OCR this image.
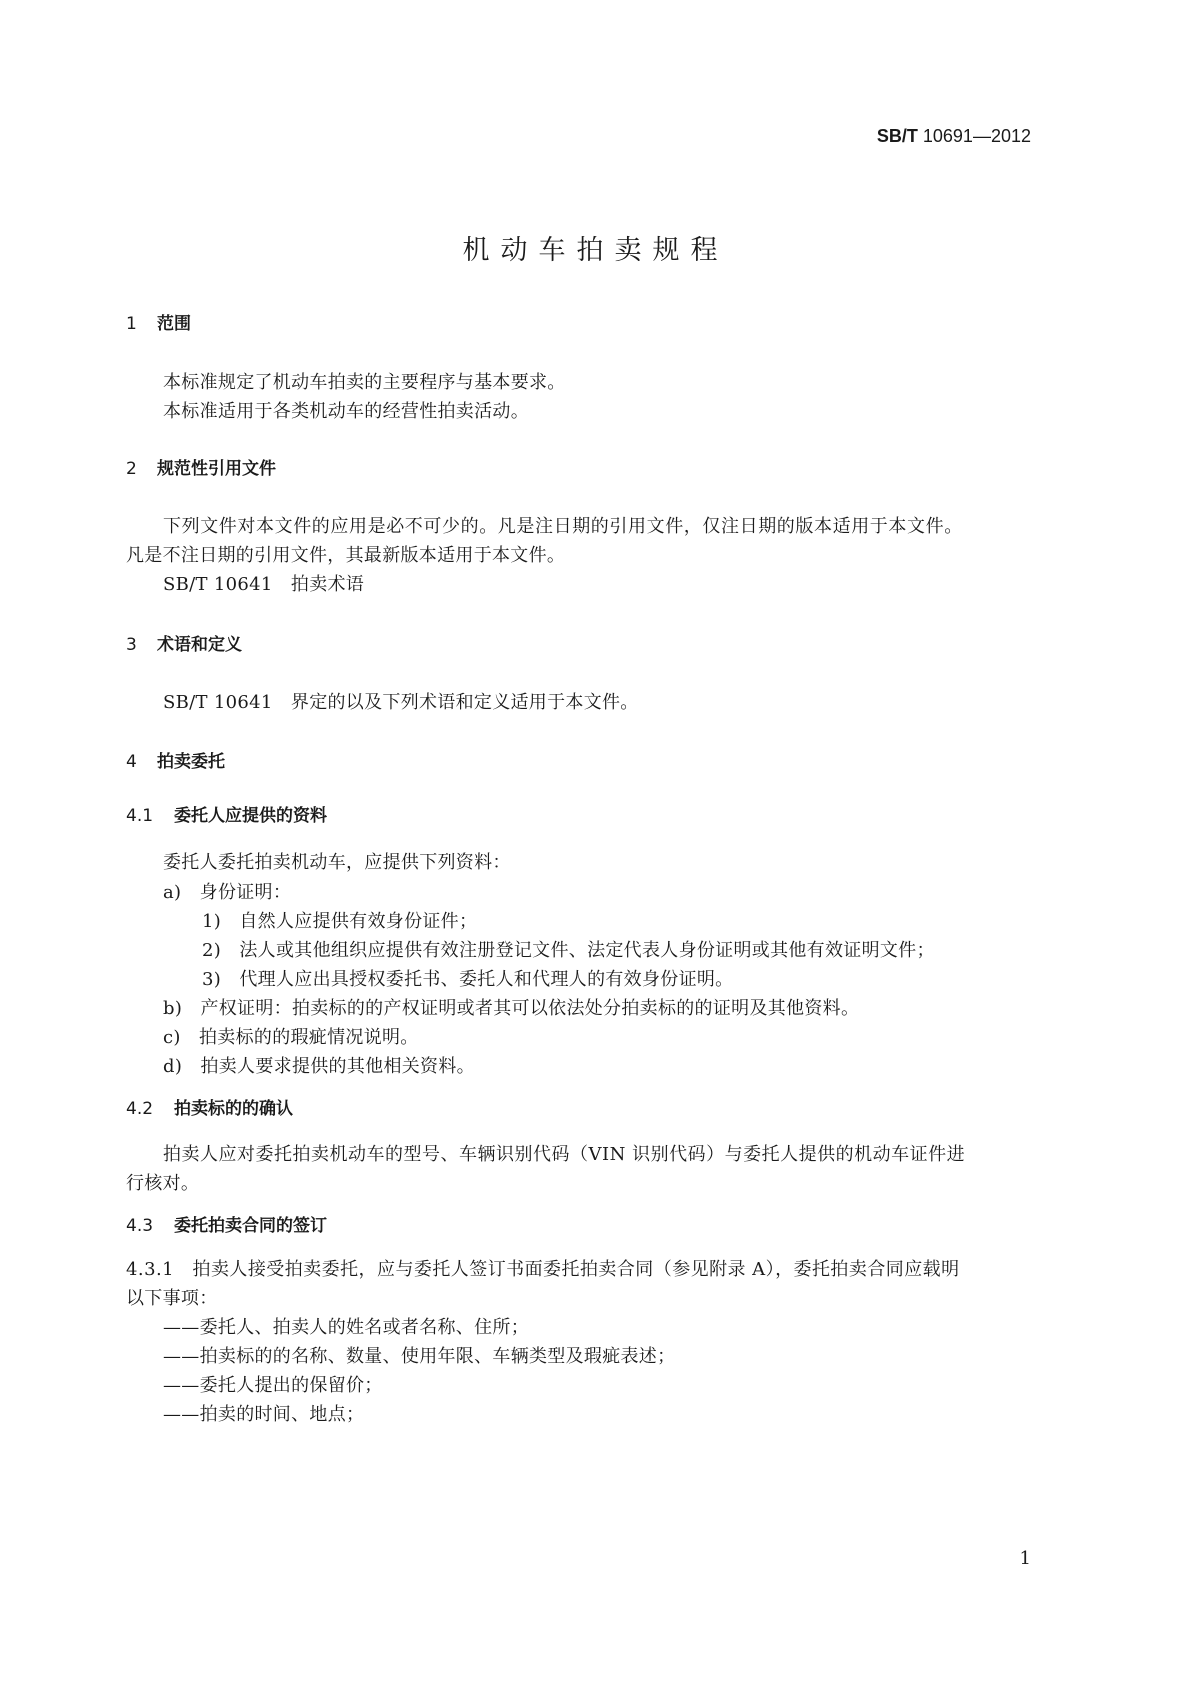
SB/T 10691—2012
机动车拍卖规程
1 范围
本标准规定了机动车拍卖的主要程序与基本要求。
本标准适用于各类机动车的经营性拍卖活动。
2 规范性引用文件
下列文件对本文件的应用是必不可少的。凡是注日期的引用文件，仅注日期的版本适用于本文件。
凡是不注日期的引用文件，其最新版本适用于本文件。
SB/T 10641　拍卖术语
3 术语和定义
SB/T 10641　界定的以及下列术语和定义适用于本文件。
4 拍卖委托
4.1 委托人应提供的资料
委托人委托拍卖机动车，应提供下列资料：
a)　身份证明：
1)　自然人应提供有效身份证件；
2)　法人或其他组织应提供有效注册登记文件、法定代表人身份证明或其他有效证明文件；
3)　代理人应出具授权委托书、委托人和代理人的有效身份证明。
b)　产权证明：拍卖标的的产权证明或者其可以依法处分拍卖标的的证明及其他资料。
c)　拍卖标的的瑕疵情况说明。
d)　拍卖人要求提供的其他相关资料。
4.2 拍卖标的的确认
拍卖人应对委托拍卖机动车的型号、车辆识别代码（VIN 识别代码）与委托人提供的机动车证件进
行核对。
4.3 委托拍卖合同的签订
4.3.1　拍卖人接受拍卖委托，应与委托人签订书面委托拍卖合同（参见附录 A），委托拍卖合同应载明
以下事项：
——委托人、拍卖人的姓名或者名称、住所；
——拍卖标的的名称、数量、使用年限、车辆类型及瑕疵表述；
——委托人提出的保留价；
——拍卖的时间、地点；
1
